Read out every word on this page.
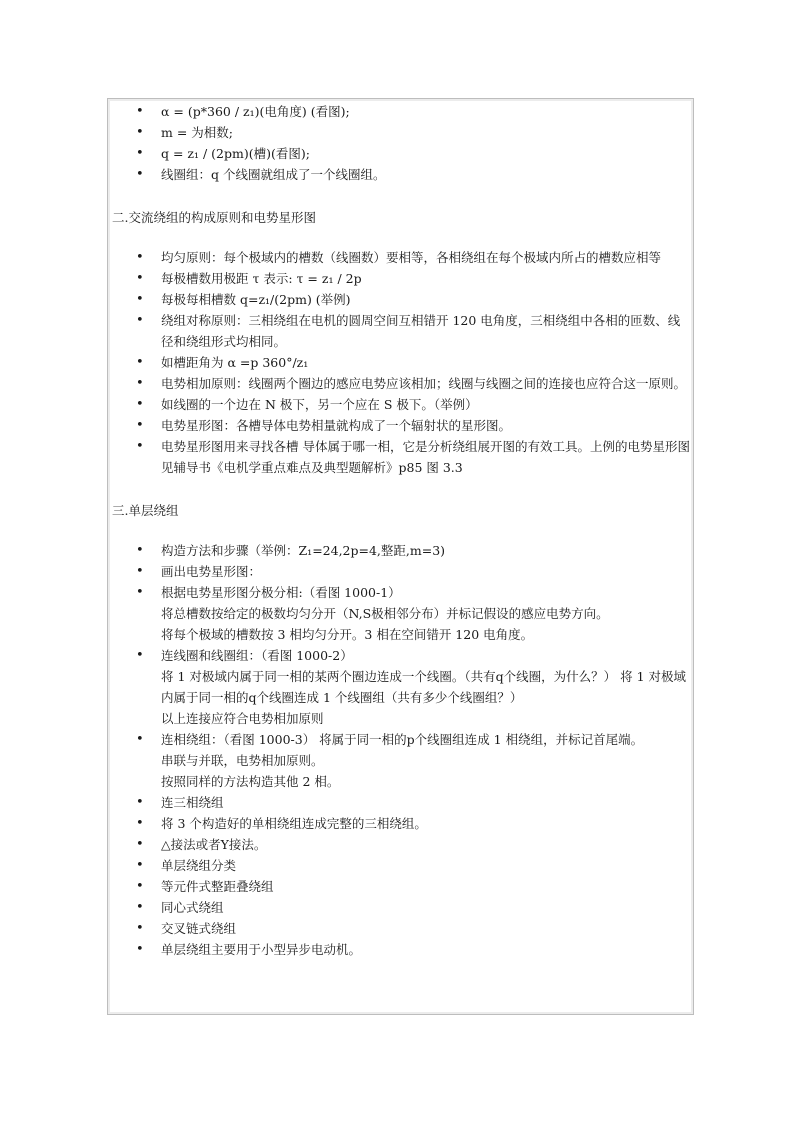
• α = (p*360 / z₁)(电角度) (看图);
• m = 为相数;
• q = z₁ / (2pm)(槽)(看图);
• 线圈组：q 个线圈就组成了一个线圈组。
二.交流绕组的构成原则和电势星形图
• 均匀原则：每个极域内的槽数（线圈数）要相等，各相绕组在每个极域内所占的槽数应相等
• 每极槽数用极距 τ 表示: τ = z₁ / 2p
• 每极每相槽数 q=z₁/(2pm) (举例)
• 绕组对称原则：三相绕组在电机的圆周空间互相错开 120 电角度，三相绕组中各相的匝数、线径和绕组形式均相同。
• 如槽距角为 α =p 360°/z₁
• 电势相加原则：线圈两个圈边的感应电势应该相加；线圈与线圈之间的连接也应符合这一原则。
• 如线圈的一个边在 N 极下，另一个应在 S 极下。（举例）
• 电势星形图：各槽导体电势相量就构成了一个辐射状的星形图。
• 电势星形图用来寻找各槽 导体属于哪一相，它是分析绕组展开图的有效工具。上例的电势星形图见辅导书《电机学重点难点及典型题解析》p85 图 3.3
三.单层绕组
• 构造方法和步骤（举例：Z₁=24,2p=4,整距,m=3)
• 画出电势星形图：
• 根据电势星形图分极分相:（看图 1000-1）
将总槽数按给定的极数均匀分开（N,S极相邻分布）并标记假设的感应电势方向。
将每个极域的槽数按 3 相均匀分开。3 相在空间错开 120 电角度。
• 连线圈和线圈组：（看图 1000-2）
将 1 对极域内属于同一相的某两个圈边连成一个线圈。（共有q个线圈，为什么？） 将 1 对极域内属于同一相的q个线圈连成 1 个线圈组（共有多少个线圈组？）
以上连接应符合电势相加原则
• 连相绕组：（看图 1000-3） 将属于同一相的p个线圈组连成 1 相绕组，并标记首尾端。
串联与并联，电势相加原则。
按照同样的方法构造其他 2 相。
• 连三相绕组
• 将 3 个构造好的单相绕组连成完整的三相绕组。
• △接法或者Y接法。
• 单层绕组分类
• 等元件式整距叠绕组
• 同心式绕组
• 交叉链式绕组
• 单层绕组主要用于小型异步电动机。
